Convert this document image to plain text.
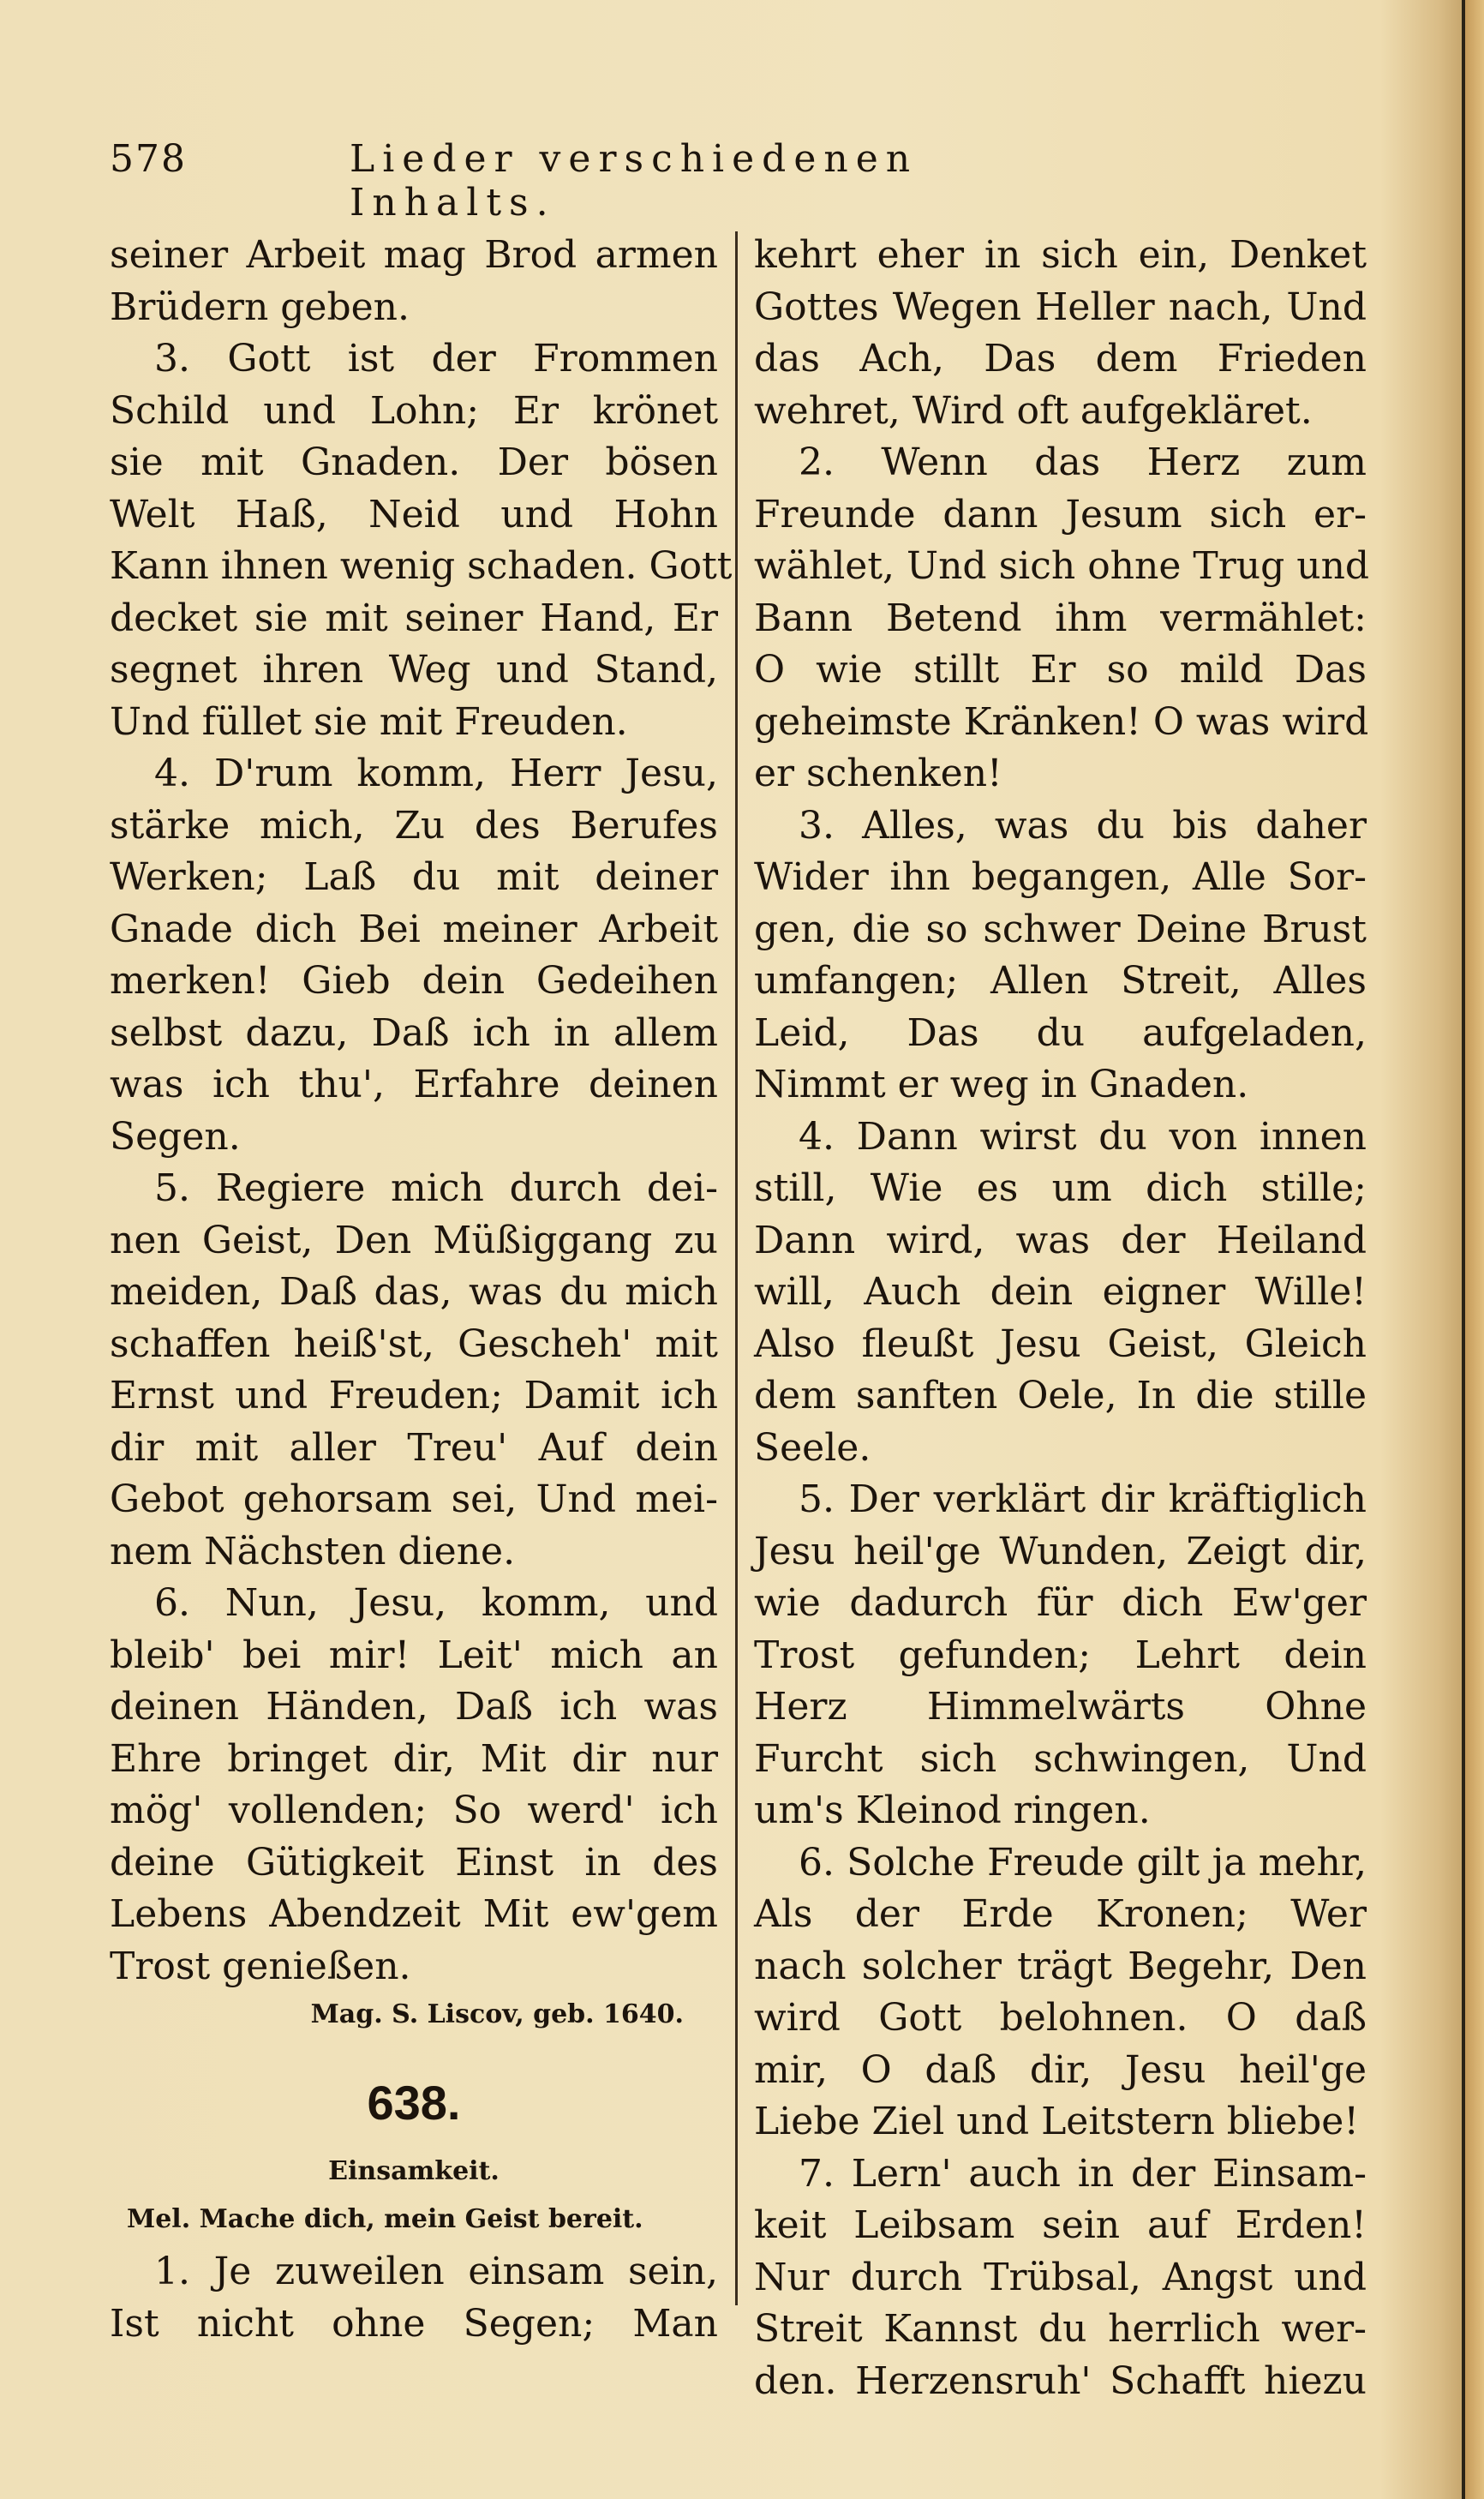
578	Lieder verschiedenen Inhalts.
seiner Arbeit mag Brod armen
Brüdern geben.
3. Gott ist der Frommen
Schild und Lohn; Er krönet
sie mit Gnaden. Der bösen
Welt Haß, Neid und Hohn
Kann ihnen wenig schaden. Gott
decket sie mit seiner Hand, Er
segnet ihren Weg und Stand,
Und füllet sie mit Freuden.
4. D'rum komm, Herr Jesu,
stärke mich, Zu des Berufes
Werken; Laß du mit deiner
Gnade dich Bei meiner Arbeit
merken! Gieb dein Gedeihen
selbst dazu, Daß ich in allem
was ich thu', Erfahre deinen
Segen.
5. Regiere mich durch dei-
nen Geist, Den Müßiggang zu
meiden, Daß das, was du mich
schaffen heiß'st, Gescheh' mit
Ernst und Freuden; Damit ich
dir mit aller Treu' Auf dein
Gebot gehorsam sei, Und mei-
nem Nächsten diene.
6. Nun, Jesu, komm, und
bleib' bei mir! Leit' mich an
deinen Händen, Daß ich was
Ehre bringet dir, Mit dir nur
mög' vollenden; So werd' ich
deine Gütigkeit Einst in des
Lebens Abendzeit Mit ew'gem
Trost genießen.
Mag. S. Liscov, geb. 1640.
638.
Einsamkeit.
Mel. Mache dich, mein Geist bereit.
1. Je zuweilen einsam sein,
Ist nicht ohne Segen; Man
kehrt eher in sich ein, Denket
Gottes Wegen Heller nach, Und
das Ach, Das dem Frieden
wehret, Wird oft aufgekläret.
2. Wenn das Herz zum
Freunde dann Jesum sich er-
wählet, Und sich ohne Trug und
Bann Betend ihm vermählet:
O wie stillt Er so mild Das
geheimste Kränken! O was wird
er schenken!
3. Alles, was du bis daher
Wider ihn begangen, Alle Sor-
gen, die so schwer Deine Brust
umfangen; Allen Streit, Alles
Leid, Das du aufgeladen,
Nimmt er weg in Gnaden.
4. Dann wirst du von innen
still, Wie es um dich stille;
Dann wird, was der Heiland
will, Auch dein eigner Wille!
Also fleußt Jesu Geist, Gleich
dem sanften Oele, In die stille
Seele.
5. Der verklärt dir kräftiglich
Jesu heil'ge Wunden, Zeigt dir,
wie dadurch für dich Ew'ger
Trost gefunden; Lehrt dein
Herz Himmelwärts Ohne
Furcht sich schwingen, Und
um's Kleinod ringen.
6. Solche Freude gilt ja mehr,
Als der Erde Kronen; Wer
nach solcher trägt Begehr, Den
wird Gott belohnen. O daß
mir, O daß dir, Jesu heil'ge
Liebe Ziel und Leitstern bliebe!
7. Lern' auch in der Einsam-
keit Leibsam sein auf Erden!
Nur durch Trübsal, Angst und
Streit Kannst du herrlich wer-
den. Herzensruh' Schafft hiezu
